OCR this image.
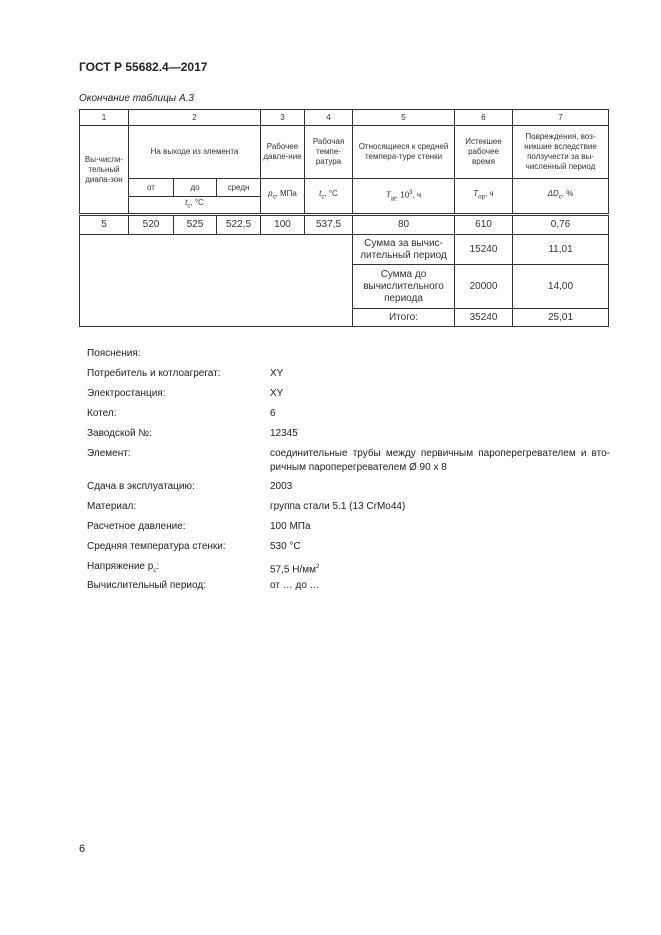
ГОСТ Р 55682.4—2017
Окончание таблицы А.3
1	2			3	4	5	6	7
Вы-числи-тельный диапа-зон	На выходе из элемента			Рабочее давле-ние	Рабочая темпе-ратура	Относящиеся к средней темпера-туре стенки	Истекшее рабочее время	Повреждения, воз-никшие вследствие ползучести за вы-численный период
	от	до	средн	$p_c$, МПа	$t_c$, °C	$T_{at}$, $10^3$, ч	$T_{op}$, ч	$\Delta D_c$, %
	$t_c$, °C							
5	520	525	522,5	100	537,5	80	610	0,76
						Сумма за вычис-лительный период	15240	11,01
						Сумма до вычислительного периода	20000	14,00
						Итого:	35240	25,01
Пояснения:
Потребитель и котлоагрегат:	XY
Электростанция:	XY
Котел:	6
Заводской №:	12345
Элемент:	соединительные трубы между первичным пароперегревателем и вто-ричным пароперегревателем Ø 90 x 8
Сдача в эксплуатацию:	2003
Материал:	группа стали 5.1 (13 CrMo44)
Расчетное давление:	100 МПа
Средняя температура стенки:	530 °C
Напряжение $p_c$:	57,5 $Н/мм^2$
Вычислительный период:	от … до …
6
